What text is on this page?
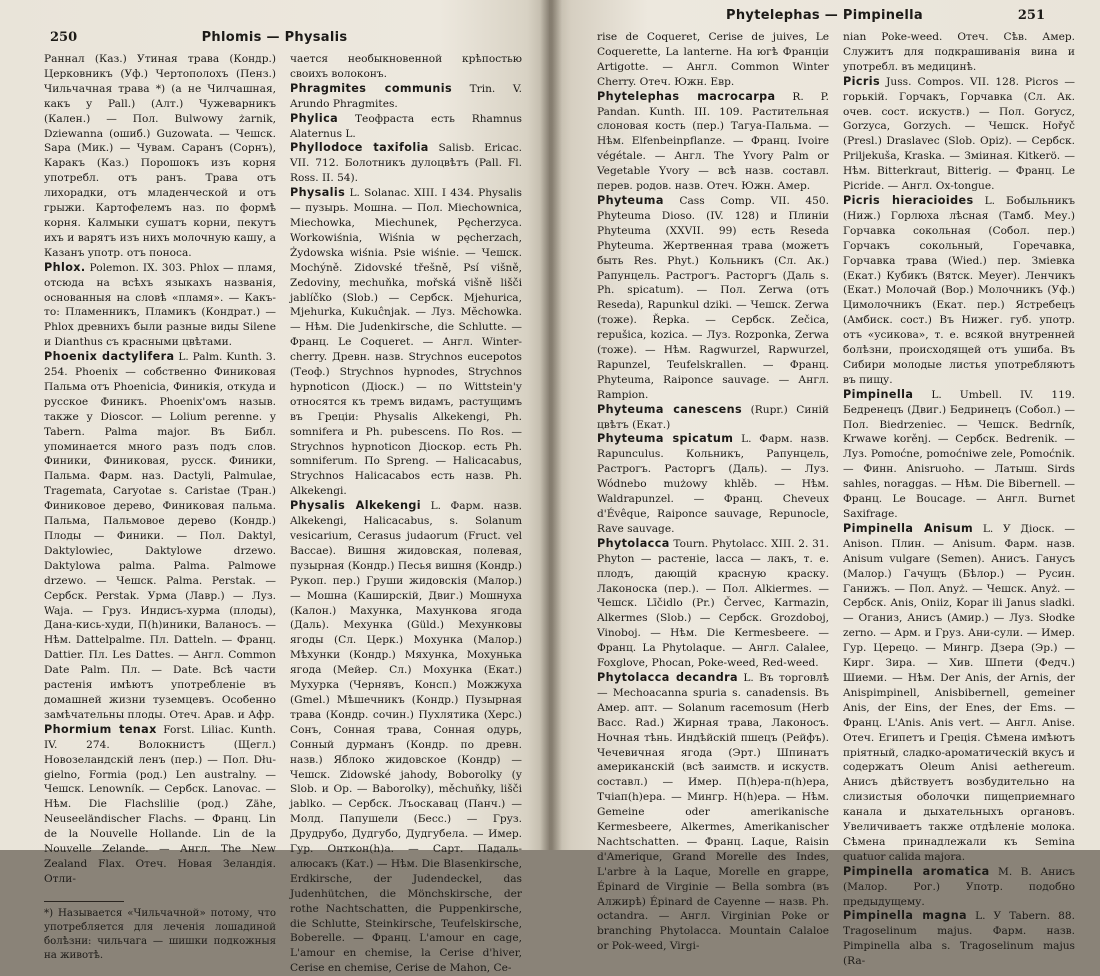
250	Phlomis — Physalis

Раннал (Каз.) Утиная трава (Кондр.) Церковникъ (Уф.) Чертополохъ (Пенз.) Чильчачная трава *) (а не Чилчашная, какъ у Pall.) (Алт.) Чужеварникъ (Кален.) — Пол. Bulwowy żarnik, Dziewanna (ошиб.) Guzowata. — Чешск. Sapa (Мик.) — Чувам. Саранъ (Сорнъ), Каракъ (Каз.) Порошокъ изъ корня употребл. отъ ранъ. Трава отъ лихорадки, отъ младенческой и отъ грыжи. Картофелемъ наз. по формѣ корня. Калмыки сушатъ корни, пекутъ ихъ и варятъ изъ нихъ молочную кашу, а Казанъ употр. отъ поноса.

Phlox. Polemon. IX. 303. Phlox — пламя, отсюда на всѣхъ языкахъ названія, основанныя на словѣ «пламя». — Какъ-то: Пламенникъ, Пламикъ (Кондрат.) — Phlox древнихъ были разные виды Silene и Dianthus съ красными цвѣтами.

Phoenix dactylifera L. Palm. Kunth. 3. 254. Phoenix — собственно Финиковая Пальма отъ Phoenicia, Финикія, откуда и русское Финикъ. Phoenix'омъ назыв. также у Dioscor. — Lolium perenne. у Tabern. Palma major. Въ Библ. упоминается много разъ подъ слов. Финики, Финиковая, русск. Финики, Пальма. Фарм. наз. Dactyli, Palmulae, Tragemata, Caryotae s. Caristae (Тран.) Финиковое дерево, Финиковая пальма. Пальма, Пальмовое дерево (Кондр.) Плоды — Финики. — Пол. Daktyl, Daktylowiec, Daktylowe drzewo. Daktylowa palma. Palma. Palmowe drzewo. — Чешск. Palma. Perstak. — Сербск. Perstak. Урма (Лавр.) — Луз. Waja. — Груз. Индисъ-хурма (плоды), Дана-кись-худи, П(h)иники, Валаносъ. — Нѣм. Dattelpalme. Пл. Datteln. — Франц. Dattier. Пл. Les Dattes. — Англ. Common Date Palm. Пл. — Date. Всѣ части растенія имѣютъ употребленіе въ домашней жизни туземцевъ. Особенно замѣчательны плоды. Отеч. Арав. и Афр.

Phormium tenax Forst. Liliac. Kunth. IV. 274. Волокнистъ (Щегл.) Новозеландскій ленъ (пер.) — Пол. Dłu-gielno, Formia (род.) Len australny. — Чешск. Lenowník. — Сербск. Lanovac. — Нѣм. Die Flachslilie (род.) Zähe, Neuseeländischer Flachs. — Франц. Lin de la Nouvelle Hollande. Lin de la Nouvelle Zelande. — Англ. The New Zealand Flax. Отеч. Новая Зеландія. Отли-

*) Называется «Чильчачной» потому, что употребляется для леченія лошадиной болѣзни: чильчага — шишки подкожныя на животѣ.

чается необыкновенной крѣпостью своихъ волоконъ.

Phragmites communis Trin. V. Arundo Phragmites.

Phylica Теофраста есть Rhamnus Alaternus L.

Phyllodoce taxifolia Salisb. Ericac. VII. 712. Болотникъ дулоцвѣтъ (Pall. Fl. Ross. II. 54).

Physalis L. Solanac. XIII. I 434. Physalis — пузырь. Мошна. — Пол. Miechownica, Miechowka, Miechunek, Pęcherzyca. Workowiśnia, Wiśnia w pęcherzach, Żydowska wiśnia. Psie wiśnie. — Чешск. Mochýně. Zidovské třešně, Psí višně, Zedoviny, mechuňka, mořská višně lišči jablíčko (Slob.) — Сербск. Mjehurica, Mjehurka, Kukuĉnjak. — Луз. Mĕchowka. — Нѣм. Die Judenkirsche, die Schlutte. — Франц. Le Coqueret. — Англ. Winter-cherry. Древн. назв. Strychnos eucepotos (Теоф.) Strychnos hypnodes, Strychnos hypnoticon (Діоск.) — по Wittstein'у относятся къ тремъ видамъ, растущимъ въ Греціи: Physalis Alkekengi, Ph. somnifera и Ph. pubescens. По Ros. — Strychnos hypnoticon Діоскор. есть Ph. somniferum. По Spreng. — Halicacabus, Strychnos Halicacabos есть назв. Ph. Alkekengi.

Physalis Alkekengi L. Фарм. назв. Alkekengi, Halicacabus, s. Solanum vesicarium, Cerasus judaorum (Fruct. vel Baccae). Вишня жидовская, полевая, пузырная (Кондр.) Песья вишня (Кондр.) Рукоп. пер.) Груши жидовскія (Малор.) — Мошна (Каширскій, Двиг.) Мошнуха (Калон.) Махунка, Махункова ягода (Даль). Мехунка (Güld.) Мехунковы ягоды (Сл. Церк.) Мохунка (Малор.) Мѣхунки (Кондр.) Мяхунка, Мохунька ягода (Мейер. Сл.) Мохунка (Екат.) Мухурка (Чернявъ, Консп.) Можжуха (Gmel.) Мѣшечникъ (Кондр.) Пузырная трава (Кондр. сочин.) Пухлятика (Херс.) Сонъ, Сонная трава, Сонная одурь, Сонный дурманъ (Кондр. по древн. назв.) Яблоко жидовское (Кондр) — Чешск. Zidowské jahody, Boborolky (у Slob. и Op. — Baborolky), měchuňky, lišči jablko. — Сербск. Лъоскавац (Панч.) — Молд. Папушели (Бесс.) — Груз. Друдрубо, Дудгубо, Дудгубела. — Имер. Гур. Онткон(h)а. — Сарт. Падаль-алюсакъ (Кат.) — Нѣм. Die Blasenkirsche, Erdkirsche, der Judendeckel, das Judenhütchen, die Mönchskirsche, der rothe Nachtschatten, die Puppenkirsche, die Schlutte, Steinkirsche, Teufelskirsche, Boberelle. — Франц. L'amour en cage, L'amour en chemise, la Cerise d'hiver, Cerise en chemise, Cerise de Mahon, Ce-

251
Phytelephas — Pimpinella

rise de Coqueret, Cerise de juives, Le Coquerette, La lanterne. На югѣ Франціи Artigotte. — Англ. Common Winter Cherry. Отеч. Южн. Евр.

Phytelephas macrocarpa R. P. Pandan. Kunth. III. 109. Растительная слоновая кость (пер.) Тагуа-Пальма. — Нѣм. Elfenbeinpflanze. — Франц. Ivoire végétale. — Англ. The Yvory Palm or Vegetable Yvory — всѣ назв. составл. перев. родов. назв. Отеч. Южн. Амер.

Phyteuma Cass Comp. VII. 450. Phyteuma Dioso. (IV. 128) и Плиніи Phyteuma (XXVII. 99) есть Reseda Phyteuma. Жертвенная трава (можетъ быть Res. Phyt.) Кольникъ (Сл. Ак.) Рапунцель. Растрогъ. Расторгъ (Даль s. Ph. spicatum). — Пол. Zerwa (отъ Reseda), Rapunkul dziki. — Чешск. Zerwa (тоже). Řepka. — Сербск. Zečica, repušica, kozica. — Луз. Rozponka, Zerwa (тоже). — Нѣм. Ragwurzel, Rapwurzel, Rapunzel, Teufelskrallen. — Франц. Phyteuma, Raiponce sauvage. — Англ. Rampion.

Phyteuma canescens (Rupr.) Синій цвѣтъ (Екат.)

Phyteuma spicatum L. Фарм. назв. Rapunculus. Кольникъ, Рапунцель, Растрогъ. Расторгъ (Даль). — Луз. Wódnebo mużowy khlěb. — Нѣм. Waldrapunzel. — Франц. Cheveux d'Évêque, Raiponce sauvage, Repunocle, Rave sauvage.

Phytolacca Tourn. Phytolacc. XIII. 2. 31. Phyton — растеніе, lacca — лакъ, т. е. плодъ, дающій красную краску. Лаконоска (пер.). — Пол. Alkiermes. — Чешск. Līčidlo (Pr.) Červec, Karmazin, Alkermes (Slob.) — Сербск. Grozdoboj, Vinoboj. — Нѣм. Die Kermesbeere. — Франц. La Phytolaque. — Англ. Calalee, Foxglove, Phocan, Poke-weed, Red-weed.

Phytolacca decandra L. Въ торговлѣ — Mechoacanna spuria s. canadensis. Въ Амер. апт. — Solanum racemosum (Herb Bacc. Rad.) Жирная трава, Лаконосъ. Ночная тѣнь. Индѣйскій пшецъ (Рейфъ). Чечевичная ягода (Эрт.) Шпинатъ американскій (всѣ заимств. и искуств. составл.) — Имер. П(h)ера-п(h)ера, Тчіап(h)ера. — Мингр. Н(h)ера. — Нѣм. Gemeine oder amerikanische Kermesbeere, Alkermes, Amerikanischer Nachtschatten. — Франц. Laque, Raisin d'Amerique, Grand Morelle des Indes, L'arbre à la Laque, Morelle en grappe, Épinard de Virginie — Bella sombra (въ Алжирѣ) Épinard de Cayenne — назв. Ph. octandra. — Англ. Virginian Poke or branching Phytolacca. Mountain Calaloe or Pok-weed, Virgi-

nian Poke-weed. Отеч. Сѣв. Амер. Служитъ для подкрашиванія вина и употребл. въ медицинѣ.

Picris Juss. Compos. VII. 128. Picros — горькій. Горчакъ, Горчавка (Сл. Ак. очев. сост. искуств.) — Пол. Gorycz, Gorzyca, Gorzych. — Чешск. Hořyč (Presl.) Draslavec (Slob. Opiz). — Сербск. Priljekuša, Kraska. — Зміиная. Kitkerö. — Нѣм. Bitterkraut, Bitterig. — Франц. Le Picride. — Англ. Ox-tongue.

Picris hieracioides L. Бобыльникъ (Ниж.) Горлюха лѣсная (Тамб. Меу.) Горчавка сокольная (Собол. пер.) Горчакъ сокольный, Горечавка, Горчавка трава (Wied.) пер. Зміевка (Екат.) Кубикъ (Вятск. Meyer). Ленчикъ (Екат.) Молочай (Вор.) Молочникъ (Уф.) Цимолочникъ (Екат. пер.) Ястребецъ (Амбиск. сост.) Въ Нижег. губ. употр. отъ «усикова», т. е. всякой внутренней болѣзни, происходящей отъ ушиба. Въ Сибири молодые листья употребляютъ въ пищу.

Pimpinella L. Umbell. IV. 119. Бедренецъ (Двиг.) Бедринецъ (Собол.) — Пол. Biedrzeniec. — Чешск. Bedrník, Krwawe korěnj. — Сербск. Bedrenik. — Луз. Pomoćne, pomoćniwe zele, Pomoćnik. — Финн. Anisruoho. — Латыш. Sirds sahles, noraggas. — Нѣм. Die Bibernell. — Франц. Le Boucage. — Англ. Burnet Saxifrage.

Pimpinella Anisum L. У Діоск. — Anison. Плин. — Anisum. Фарм. назв. Anisum vulgare (Semen). Анисъ. Ганусъ (Малор.) Гачущъ (Бѣлор.) — Русин. Ганижъ. — Пол. Anyż. — Чешск. Anyż. — Сербск. Anis, Oniiz, Kopar ili Janus sladki. — Оганиз, Анисъ (Амир.) — Луз. Słodke zerno. — Арм. и Груз. Ани-сули. — Имер. Гур. Церецо. — Мингр. Дзера (Эр.) — Кирг. Зира. — Хив. Шпети (Федч.) Шиеми. — Нѣм. Der Anis, der Arnis, der Anispimpinell, Anisbibernell, gemeiner Anis, der Eins, der Enes, der Ems. — Франц. L'Anis. Anis vert. — Англ. Anise. Отеч. Египетъ и Греція. Сѣмена имѣютъ пріятный, сладко-ароматическій вкусъ и содержатъ Oleum Anisi aethereum. Анисъ дѣйствуетъ возбудительно на слизистыя оболочки пищеприемнаго канала и дыхательныхъ органовъ. Увеличиваетъ также отдѣленіе молока. Сѣмена принадлежали къ Semina quatuor calida majora.

Pimpinella aromatica M. B. Анисъ (Малор. Рог.) Употр. подобно предыдущему.

Pimpinella magna L. У Tabern. 88. Tragoselinum majus. Фарм. назв. Pimpinella alba s. Tragoselinum majus (Ra-
